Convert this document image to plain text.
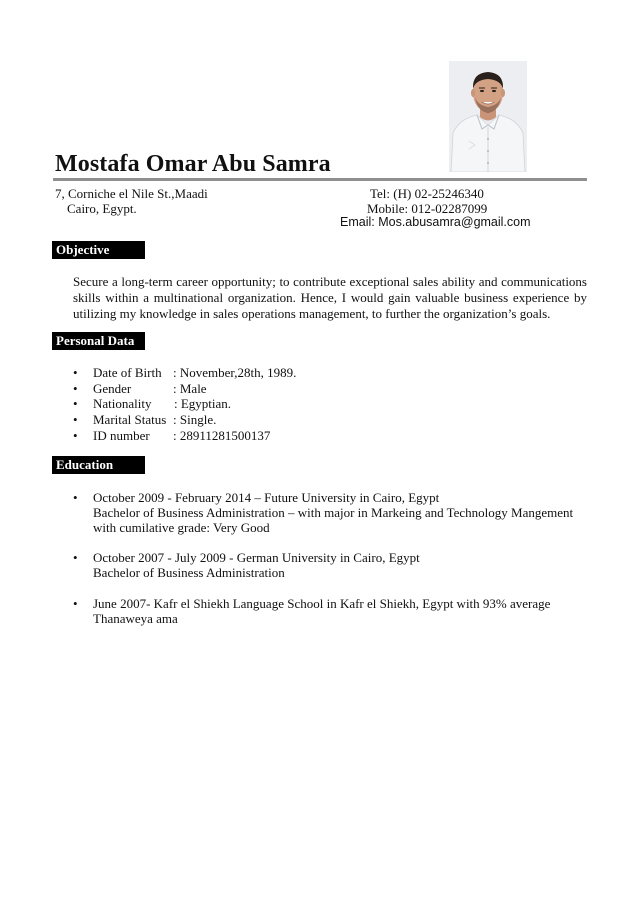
Mostafa Omar Abu Samra
7, Corniche el Nile St.,Maadi
Cairo, Egypt.
Tel: (H) 02-25246340
Mobile: 012-02287099
Email: Mos.abusamra@gmail.com
Objective
Secure a long-term career opportunity; to contribute exceptional sales ability and communications skills within a multinational organization. Hence, I would gain valuable business experience by utilizing my knowledge in sales operations management, to further the organization’s goals.
Personal Data
• Date of Birth : November,28th, 1989.
• Gender	: Male
• Nationality : Egyptian.
• Marital Status : Single.
• ID number : 28911281500137
Education
• October 2009 - February 2014 – Future University in Cairo, Egypt
Bachelor of Business Administration – with major in Markeing and Technology Mangement
with cumilative grade: Very Good
• October 2007 - July 2009 - German University in Cairo, Egypt
Bachelor of Business Administration
• June 2007- Kafr el Shiekh Language School in Kafr el Shiekh, Egypt with 93% average
Thanaweya ama
